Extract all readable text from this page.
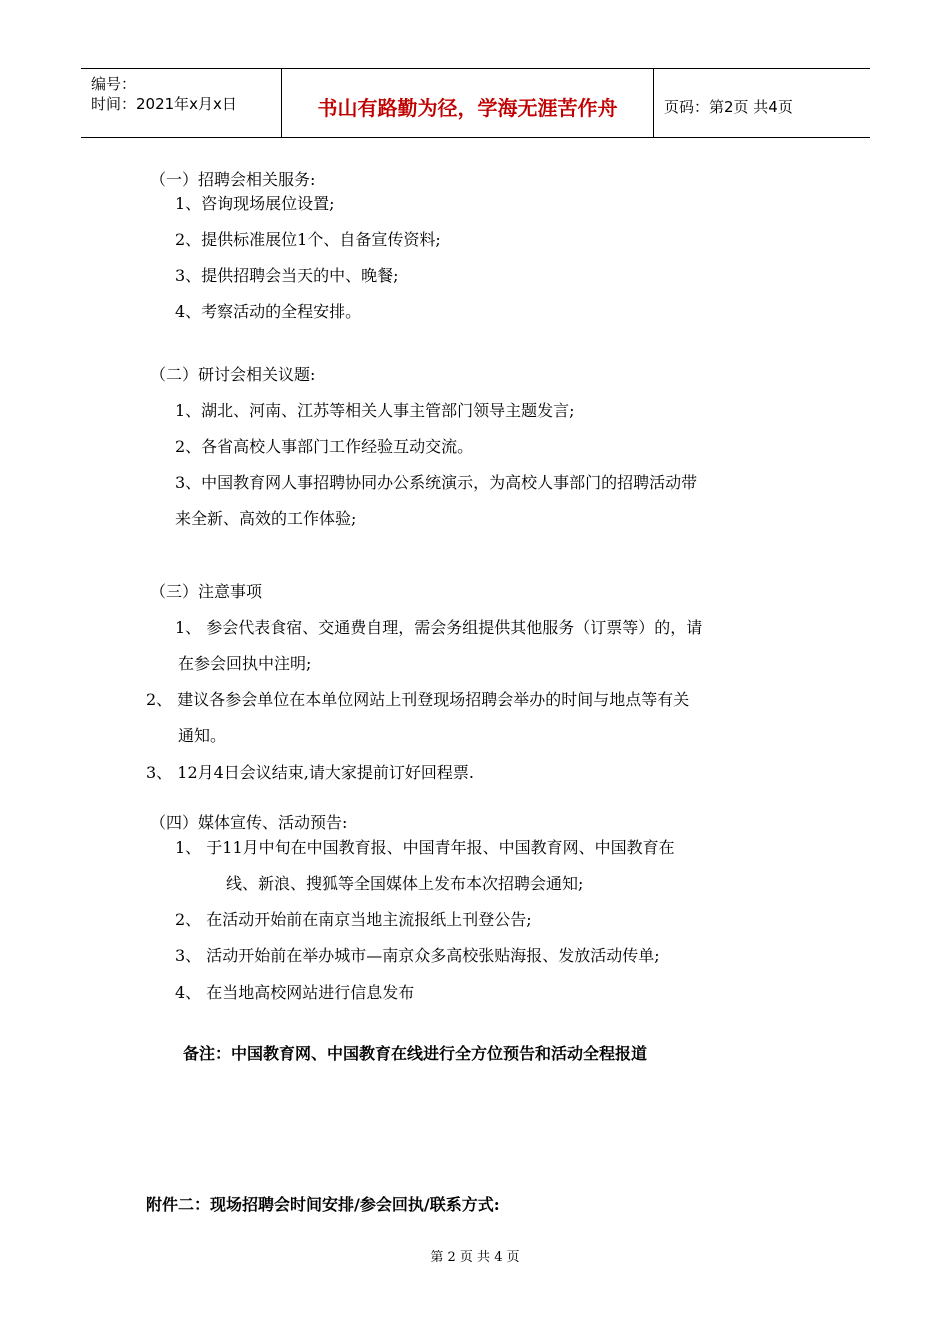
编号：
时间：2021年x月x日	书山有路勤为径，学海无涯苦作舟	页码：第2页 共4页
（一）招聘会相关服务:
1、咨询现场展位设置;
2、提供标准展位1个、自备宣传资料;
3、提供招聘会当天的中、晚餐;
4、考察活动的全程安排。
（二）研讨会相关议题:
1、湖北、河南、江苏等相关人事主管部门领导主题发言;
2、各省高校人事部门工作经验互动交流。
3、中国教育网人事招聘协同办公系统演示，为高校人事部门的招聘活动带
来全新、高效的工作体验;
（三）注意事项
1、 参会代表食宿、交通费自理，需会务组提供其他服务（订票等）的，请
在参会回执中注明;
2、 建议各参会单位在本单位网站上刊登现场招聘会举办的时间与地点等有关
通知。
3、 12月4日会议结束,请大家提前订好回程票.
（四）媒体宣传、活动预告:
1、 于11月中旬在中国教育报、中国青年报、中国教育网、中国教育在
线、新浪、搜狐等全国媒体上发布本次招聘会通知;
2、 在活动开始前在南京当地主流报纸上刊登公告;
3、 活动开始前在举办城市—南京众多高校张贴海报、发放活动传单;
4、 在当地高校网站进行信息发布
备注：中国教育网、中国教育在线进行全方位预告和活动全程报道
附件二：现场招聘会时间安排/参会回执/联系方式:
第 2 页 共 4 页
